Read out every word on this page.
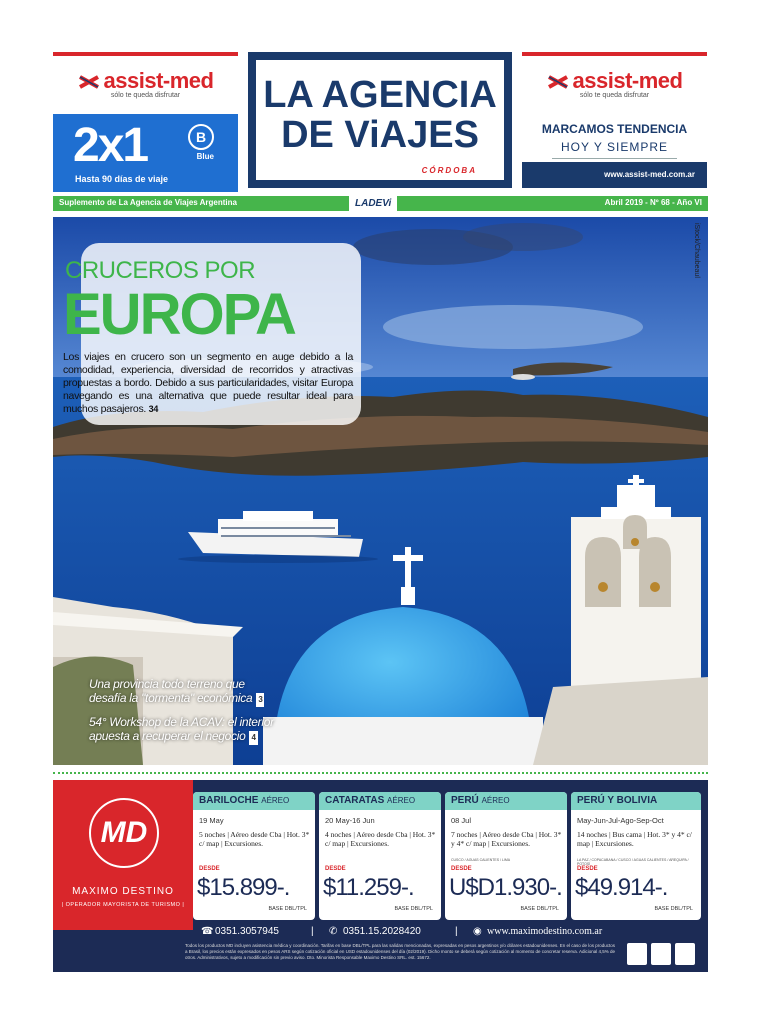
assist-med
sólo te queda disfrutar
2x1	B
Blue
Hasta 90 días de viaje
LA AGENCIA
DE ViAJES
CÓRDOBA
assist-med
sólo te queda disfrutar
MARCAMOS TENDENCIA
HOY Y SIEMPRE
www.assist-med.com.ar
Suplemento de La Agencia de Viajes Argentina	LADEVi	Abril 2019 - Nº 68 - Año VI
iStock/Chaubeaul
CRUCEROS POR
EUROPA
Los viajes en crucero son un segmento en auge debido a la comodidad, experiencia, diversidad de recorridos y atractivas propuestas a bordo. Debido a sus particularidades, visitar Europa navegando es una alternativa que puede resultar ideal para muchos pasajeros. 34
Una provincia todo terreno que
desafía la "tormenta" económica 3
54° Workshop de la ACAV: el interior
apuesta a recuperar el negocio 4
MD
MAXIMO DESTINO
| OPERADOR MAYORISTA DE TURISMO |
BARILOCHE AÉREO
19 May
5 noches | Aéreo desde Cba | Hot. 3* c/ map | Excursiones.
DESDE
$15.899-.
BASE DBL/TPL
CATARATAS AÉREO
20 May-16 Jun
4 noches | Aéreo desde Cba | Hot. 3* c/ map | Excursiones.
DESDE
$11.259-.
BASE DBL/TPL
PERÚ AÉREO
08 Jul
7 noches | Aéreo desde Cba | Hot. 3* y 4* c/ map | Excursiones.
CUSCO / AGUAS CALIENTES / LIMA
DESDE
U$D1.930-.
BASE DBL/TPL
PERÚ Y BOLIVIA
May-Jun-Jul-Ago-Sep-Oct
14 noches | Bus cama | Hot. 3* y 4* c/ map | Excursiones.
LA PAZ / COPACABANA / CUSCO / AGUAS CALIENTES / AREQUIPA / POTOSÍ
DESDE
$49.914-.
BASE DBL/TPL
☎ 0351.3057945	| ✆ 0351.15.2028420	| ◉ www.maximodestino.com.ar
Todos los productos MD incluyen asistencia médica y coordinación. Tarifas en base DBL/TPL para las salidas mencionadas, expresadas en pesos argentinos y/o dólares estadounidenses. En el caso de los productos a Brasil, los precios están expresados en pesos ARS según cotización oficial en USD estadounidenses del día (02/2019). Dicho monto se deberá según cotización al momento de concretar reserva. Adicional 4,5% de otros. Administrativos, sujeto a modificación sin previo aviso. Dto. Minorista Responsable Maximo Destino SRL. est. 15672.
